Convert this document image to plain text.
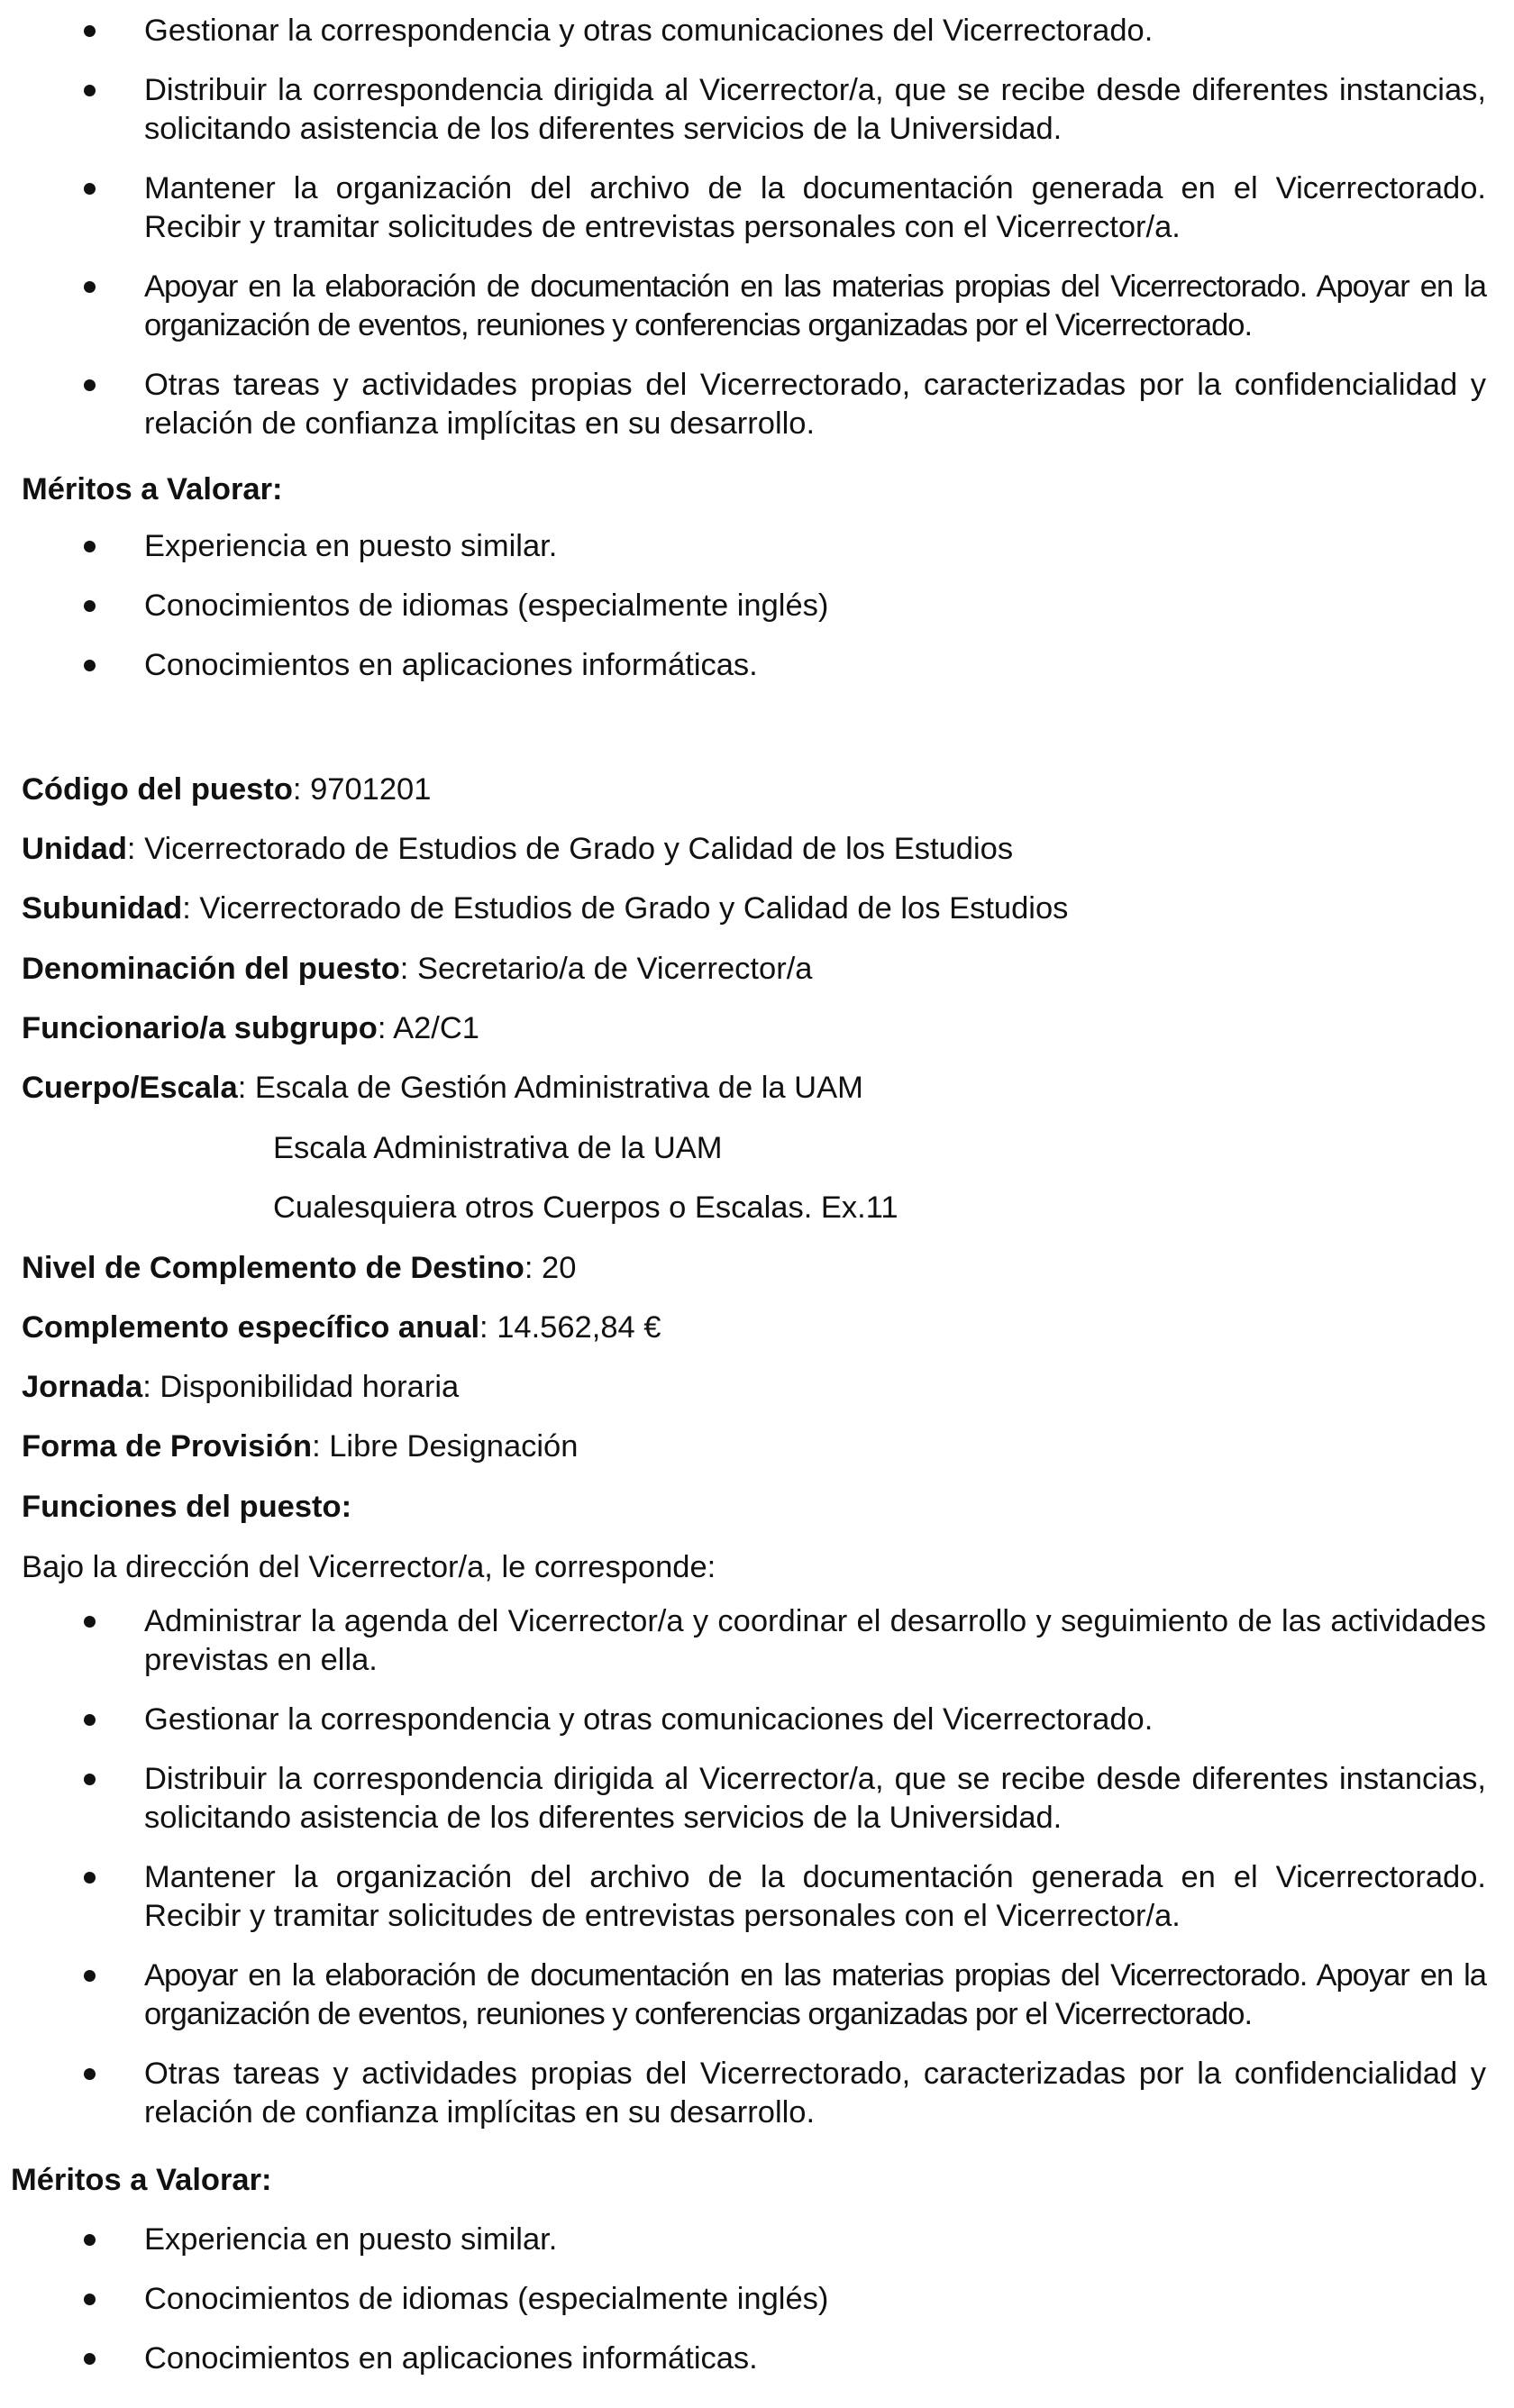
Gestionar la correspondencia y otras comunicaciones del Vicerrectorado.
Distribuir la correspondencia dirigida al Vicerrector/a, que se recibe desde diferentes instancias, solicitando asistencia de los diferentes servicios de la Universidad.
Mantener la organización del archivo de la documentación generada en el Vicerrectorado. Recibir y tramitar solicitudes de entrevistas personales con el Vicerrector/a.
Apoyar en la elaboración de documentación en las materias propias del Vicerrectorado. Apoyar en la organización de eventos, reuniones y conferencias organizadas por el Vicerrectorado.
Otras tareas y actividades propias del Vicerrectorado, caracterizadas por la confidencialidad y relación de confianza implícitas en su desarrollo.
Méritos a Valorar:
Experiencia en puesto similar.
Conocimientos de idiomas (especialmente inglés)
Conocimientos en aplicaciones informáticas.
Código del puesto: 9701201
Unidad: Vicerrectorado de Estudios de Grado y Calidad de los Estudios
Subunidad: Vicerrectorado de Estudios de Grado y Calidad de los Estudios
Denominación del puesto: Secretario/a de Vicerrector/a
Funcionario/a subgrupo: A2/C1
Cuerpo/Escala: Escala de Gestión Administrativa de la UAM
Escala Administrativa de la UAM
Cualesquiera otros Cuerpos o Escalas. Ex.11
Nivel de Complemento de Destino: 20
Complemento específico anual: 14.562,84 €
Jornada: Disponibilidad horaria
Forma de Provisión: Libre Designación
Funciones del puesto:
Bajo la dirección del Vicerrector/a, le corresponde:
Administrar la agenda del Vicerrector/a y coordinar el desarrollo y seguimiento de las actividades previstas en ella.
Gestionar la correspondencia y otras comunicaciones del Vicerrectorado.
Distribuir la correspondencia dirigida al Vicerrector/a, que se recibe desde diferentes instancias, solicitando asistencia de los diferentes servicios de la Universidad.
Mantener la organización del archivo de la documentación generada en el Vicerrectorado. Recibir y tramitar solicitudes de entrevistas personales con el Vicerrector/a.
Apoyar en la elaboración de documentación en las materias propias del Vicerrectorado. Apoyar en la organización de eventos, reuniones y conferencias organizadas por el Vicerrectorado.
Otras tareas y actividades propias del Vicerrectorado, caracterizadas por la confidencialidad y relación de confianza implícitas en su desarrollo.
Méritos a Valorar:
Experiencia en puesto similar.
Conocimientos de idiomas (especialmente inglés)
Conocimientos en aplicaciones informáticas.
